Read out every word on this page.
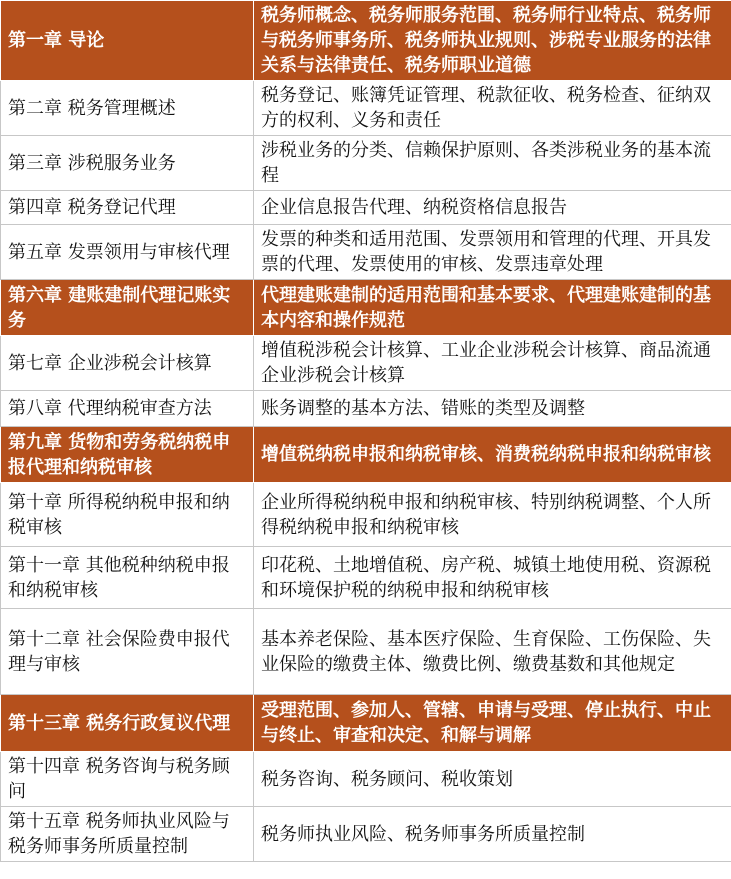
第一章 导论	税务师概念、税务师服务范围、税务师行业特点、税务师与税务师事务所、税务师执业规则、涉税专业服务的法律关系与法律责任、税务师职业道德
第二章 税务管理概述	税务登记、账簿凭证管理、税款征收、税务检查、征纳双方的权利、义务和责任
第三章 涉税服务业务	涉税业务的分类、信赖保护原则、各类涉税业务的基本流程
第四章 税务登记代理	企业信息报告代理、纳税资格信息报告
第五章 发票领用与审核代理	发票的种类和适用范围、发票领用和管理的代理、开具发票的代理、发票使用的审核、发票违章处理
第六章 建账建制代理记账实务	代理建账建制的适用范围和基本要求、代理建账建制的基本内容和操作规范
第七章 企业涉税会计核算	增值税涉税会计核算、工业企业涉税会计核算、商品流通企业涉税会计核算
第八章 代理纳税审查方法	账务调整的基本方法、错账的类型及调整
第九章 货物和劳务税纳税申报代理和纳税审核	增值税纳税申报和纳税审核、消费税纳税申报和纳税审核
第十章 所得税纳税申报和纳税审核	企业所得税纳税申报和纳税审核、特别纳税调整、个人所得税纳税申报和纳税审核
第十一章 其他税种纳税申报和纳税审核	印花税、土地增值税、房产税、城镇土地使用税、资源税和环境保护税的纳税申报和纳税审核
第十二章 社会保险费申报代理与审核	基本养老保险、基本医疗保险、生育保险、工伤保险、失业保险的缴费主体、缴费比例、缴费基数和其他规定
第十三章 税务行政复议代理	受理范围、参加人、管辖、申请与受理、停止执行、中止与终止、审查和决定、和解与调解
第十四章 税务咨询与税务顾问	税务咨询、税务顾问、税收策划
第十五章 税务师执业风险与税务师事务所质量控制	税务师执业风险、税务师事务所质量控制
